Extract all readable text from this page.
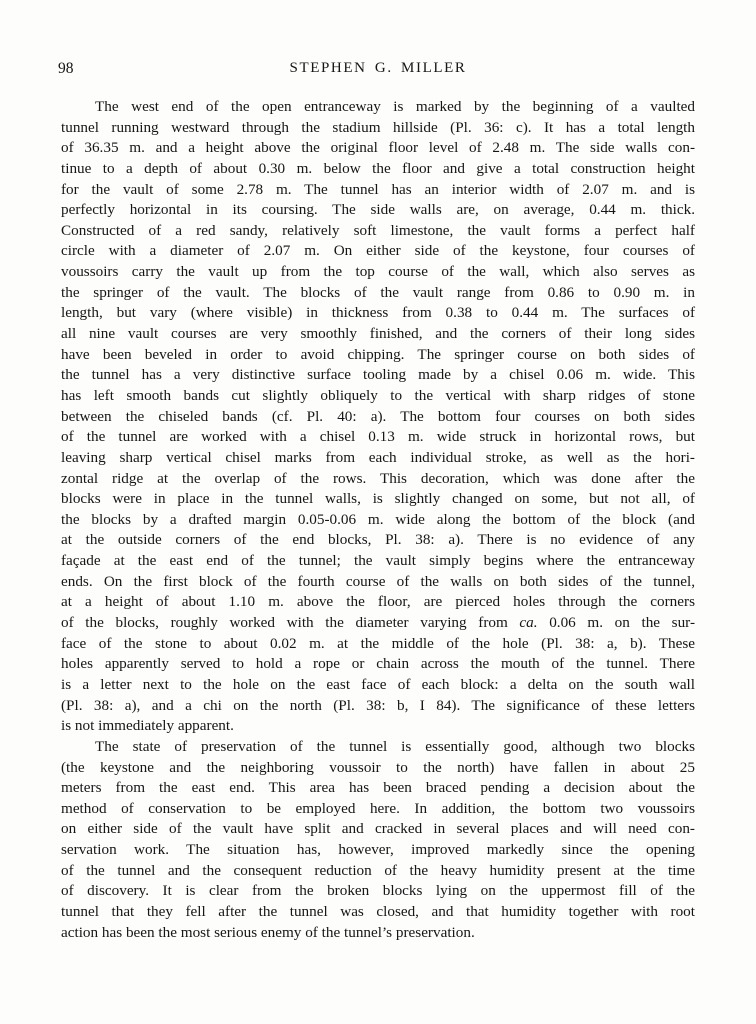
98	STEPHEN G. MILLER
The west end of the open entranceway is marked by the beginning of a vaulted
tunnel running westward through the stadium hillside (Pl. 36: c). It has a total length
of 36.35 m. and a height above the original floor level of 2.48 m. The side walls con-
tinue to a depth of about 0.30 m. below the floor and give a total construction height
for the vault of some 2.78 m. The tunnel has an interior width of 2.07 m. and is
perfectly horizontal in its coursing. The side walls are, on average, 0.44 m. thick.
Constructed of a red sandy, relatively soft limestone, the vault forms a perfect half
circle with a diameter of 2.07 m. On either side of the keystone, four courses of
voussoirs carry the vault up from the top course of the wall, which also serves as
the springer of the vault. The blocks of the vault range from 0.86 to 0.90 m. in
length, but vary (where visible) in thickness from 0.38 to 0.44 m. The surfaces of
all nine vault courses are very smoothly finished, and the corners of their long sides
have been beveled in order to avoid chipping. The springer course on both sides of
the tunnel has a very distinctive surface tooling made by a chisel 0.06 m. wide. This
has left smooth bands cut slightly obliquely to the vertical with sharp ridges of stone
between the chiseled bands (cf. Pl. 40: a). The bottom four courses on both sides
of the tunnel are worked with a chisel 0.13 m. wide struck in horizontal rows, but
leaving sharp vertical chisel marks from each individual stroke, as well as the hori-
zontal ridge at the overlap of the rows. This decoration, which was done after the
blocks were in place in the tunnel walls, is slightly changed on some, but not all, of
the blocks by a drafted margin 0.05-0.06 m. wide along the bottom of the block (and
at the outside corners of the end blocks, Pl. 38: a). There is no evidence of any
façade at the east end of the tunnel; the vault simply begins where the entranceway
ends. On the first block of the fourth course of the walls on both sides of the tunnel,
at a height of about 1.10 m. above the floor, are pierced holes through the corners
of the blocks, roughly worked with the diameter varying from ca. 0.06 m. on the sur-
face of the stone to about 0.02 m. at the middle of the hole (Pl. 38: a, b). These
holes apparently served to hold a rope or chain across the mouth of the tunnel. There
is a letter next to the hole on the east face of each block: a delta on the south wall
(Pl. 38: a), and a chi on the north (Pl. 38: b, I 84). The significance of these letters
is not immediately apparent.
The state of preservation of the tunnel is essentially good, although two blocks
(the keystone and the neighboring voussoir to the north) have fallen in about 25
meters from the east end. This area has been braced pending a decision about the
method of conservation to be employed here. In addition, the bottom two voussoirs
on either side of the vault have split and cracked in several places and will need con-
servation work. The situation has, however, improved markedly since the opening
of the tunnel and the consequent reduction of the heavy humidity present at the time
of discovery. It is clear from the broken blocks lying on the uppermost fill of the
tunnel that they fell after the tunnel was closed, and that humidity together with root
action has been the most serious enemy of the tunnel’s preservation.
